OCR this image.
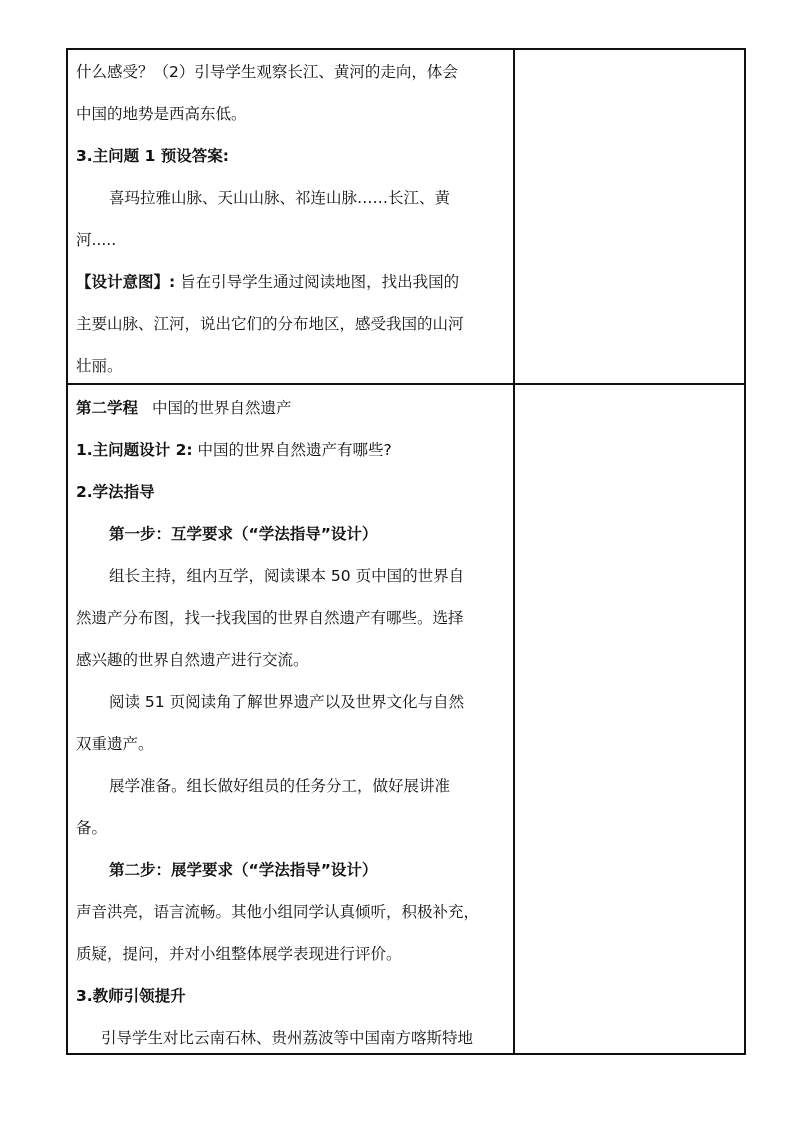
什么感受？（2）引导学生观察长江、黄河的走向，体会
中国的地势是西高东低。
3.主问题 1 预设答案:
喜玛拉雅山脉、天山山脉、祁连山脉……长江、黄
河.....
【设计意图】: 旨在引导学生通过阅读地图，找出我国的
主要山脉、江河，说出它们的分布地区，感受我国的山河
壮丽。
第二学程 中国的世界自然遗产
1.主问题设计 2: 中国的世界自然遗产有哪些?
2.学法指导
第一步：互学要求（“学法指导”设计）
组长主持，组内互学，阅读课本 50 页中国的世界自
然遗产分布图，找一找我国的世界自然遗产有哪些。选择
感兴趣的世界自然遗产进行交流。
阅读 51 页阅读角了解世界遗产以及世界文化与自然
双重遗产。
展学准备。组长做好组员的任务分工，做好展讲准
备。
第二步：展学要求（“学法指导”设计）
声音洪亮，语言流畅。其他小组同学认真倾听，积极补充，
质疑，提问，并对小组整体展学表现进行评价。
3.教师引领提升
引导学生对比云南石林、贵州荔波等中国南方喀斯特地
